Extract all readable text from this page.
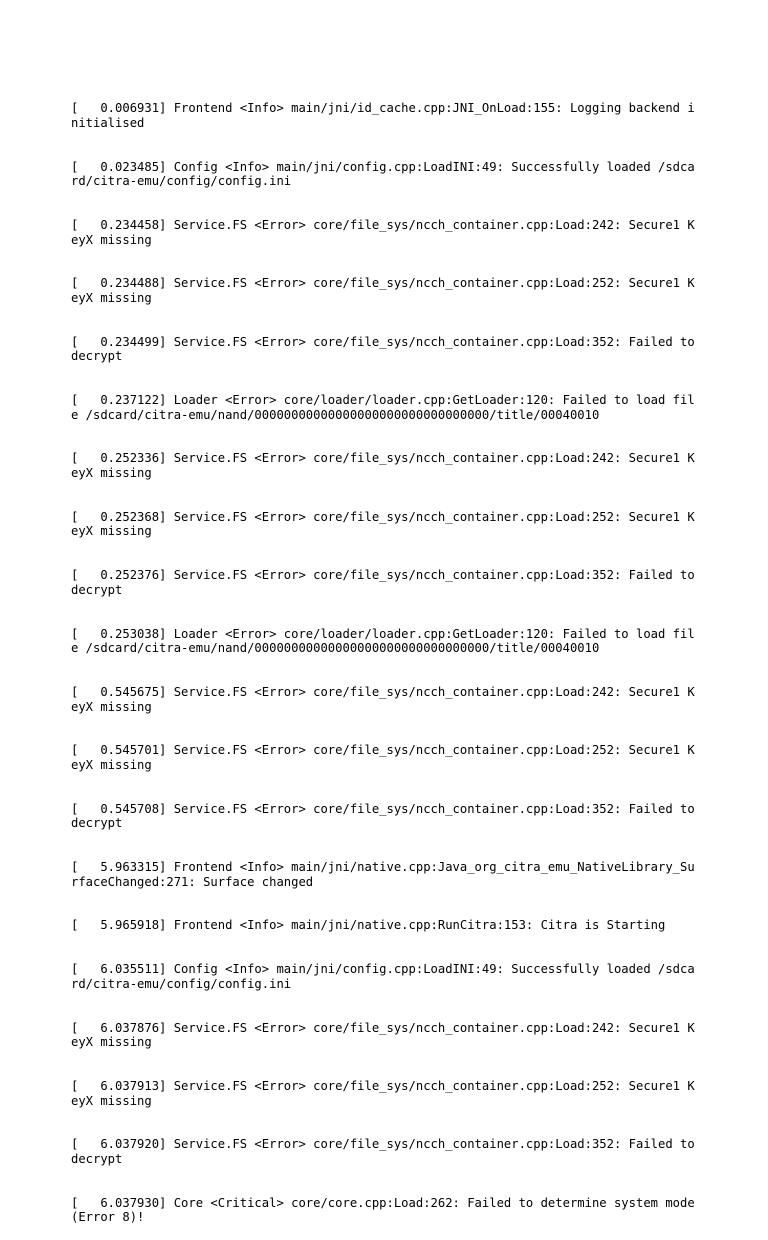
[   0.006931] Frontend <Info> main/jni/id_cache.cpp:JNI_OnLoad:155: Logging backend initialised

[   0.023485] Config <Info> main/jni/config.cpp:LoadINI:49: Successfully loaded /sdcard/citra-emu/config/config.ini

[   0.234458] Service.FS <Error> core/file_sys/ncch_container.cpp:Load:242: Secure1 KeyX missing

[   0.234488] Service.FS <Error> core/file_sys/ncch_container.cpp:Load:252: Secure1 KeyX missing

[   0.234499] Service.FS <Error> core/file_sys/ncch_container.cpp:Load:352: Failed to decrypt

[   0.237122] Loader <Error> core/loader/loader.cpp:GetLoader:120: Failed to load file /sdcard/citra-emu/nand/00000000000000000000000000000000/title/00040010

[   0.252336] Service.FS <Error> core/file_sys/ncch_container.cpp:Load:242: Secure1 KeyX missing

[   0.252368] Service.FS <Error> core/file_sys/ncch_container.cpp:Load:252: Secure1 KeyX missing

[   0.252376] Service.FS <Error> core/file_sys/ncch_container.cpp:Load:352: Failed to decrypt

[   0.253038] Loader <Error> core/loader/loader.cpp:GetLoader:120: Failed to load file /sdcard/citra-emu/nand/00000000000000000000000000000000/title/00040010

[   0.545675] Service.FS <Error> core/file_sys/ncch_container.cpp:Load:242: Secure1 KeyX missing

[   0.545701] Service.FS <Error> core/file_sys/ncch_container.cpp:Load:252: Secure1 KeyX missing

[   0.545708] Service.FS <Error> core/file_sys/ncch_container.cpp:Load:352: Failed to decrypt

[   5.963315] Frontend <Info> main/jni/native.cpp:Java_org_citra_emu_NativeLibrary_SurfaceChanged:271: Surface changed

[   5.965918] Frontend <Info> main/jni/native.cpp:RunCitra:153: Citra is Starting

[   6.035511] Config <Info> main/jni/config.cpp:LoadINI:49: Successfully loaded /sdcard/citra-emu/config/config.ini

[   6.037876] Service.FS <Error> core/file_sys/ncch_container.cpp:Load:242: Secure1 KeyX missing

[   6.037913] Service.FS <Error> core/file_sys/ncch_container.cpp:Load:252: Secure1 KeyX missing

[   6.037920] Service.FS <Error> core/file_sys/ncch_container.cpp:Load:352: Failed to decrypt

[   6.037930] Core <Critical> core/core.cpp:Load:262: Failed to determine system mode (Error 8)!
